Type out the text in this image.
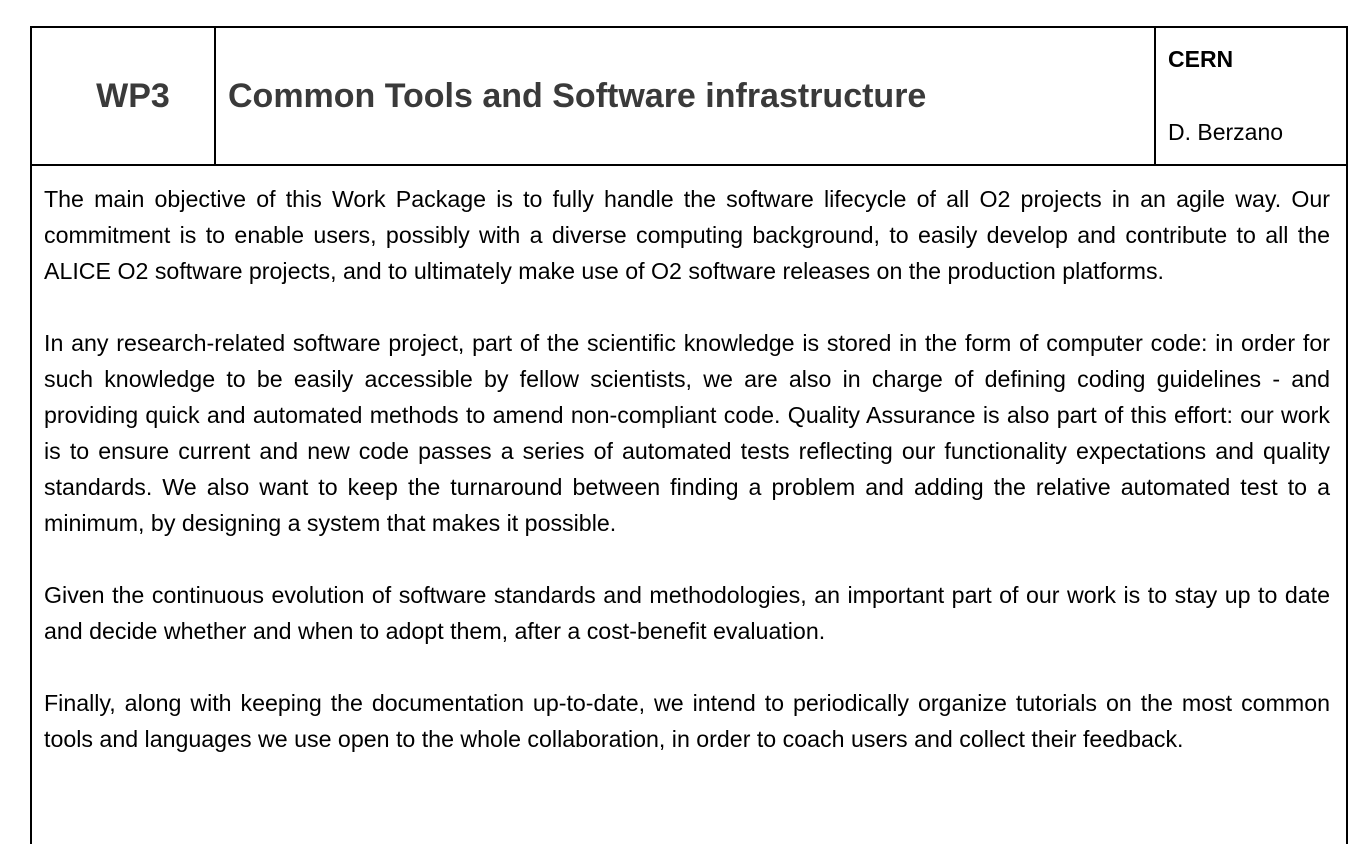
WP3	Common Tools and Software infrastructure
CERN
D. Berzano

The main objective of this Work Package is to fully handle the software lifecycle of all O2 projects in an agile way. Our commitment is to enable users, possibly with a diverse computing background, to easily develop and contribute to all the ALICE O2 software projects, and to ultimately make use of O2 software releases on the production platforms.

In any research-related software project, part of the scientific knowledge is stored in the form of computer code: in order for such knowledge to be easily accessible by fellow scientists, we are also in charge of defining coding guidelines - and providing quick and automated methods to amend non-compliant code. Quality Assurance is also part of this effort: our work is to ensure current and new code passes a series of automated tests reflecting our functionality expectations and quality standards. We also want to keep the turnaround between finding a problem and adding the relative automated test to a minimum, by designing a system that makes it possible.

Given the continuous evolution of software standards and methodologies, an important part of our work is to stay up to date and decide whether and when to adopt them, after a cost-benefit evaluation.

Finally, along with keeping the documentation up-to-date, we intend to periodically organize tutorials on the most common tools and languages we use open to the whole collaboration, in order to coach users and collect their feedback.
